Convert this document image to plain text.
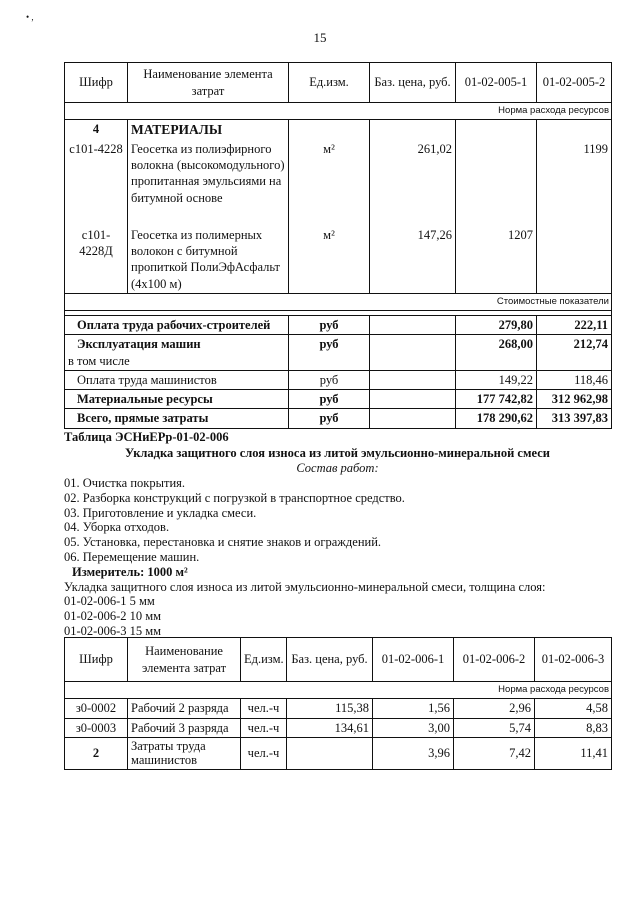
• ,
15
Шифр	Наименование элемента затрат	Ед.изм.	Баз. цена, руб.	01-02-005-1	01-02-005-2
Норма расхода ресурсов					
4	МАТЕРИАЛЫ				
с101-4228	Геосетка из полиэфирного волокна (высокомодульного) пропитанная эмульсиями на битумной основе	м²	261,02		1199
с101-4228Д	Геосетка из полимерных волокон с битумной пропиткой ПолиЭфАсфальт (4x100 м)	м²	147,26	1207	
Стоимостные показатели					

Оплата труда рабочих-строителей		руб		279,80	222,11

Эксплуатация машин
в том числе		руб		268,00	212,74
Оплата труда машинистов		руб		149,22	118,46
Материальные ресурсы		руб		177 742,82	312 962,98
Всего, прямые затраты		руб		178 290,62	313 397,83
Таблица ЭСНиЕРр-01-02-006
Укладка защитного слоя износа из литой эмульсионно-минеральной смеси
Состав работ:
01. Очистка покрытия.
02. Разборка конструкций с погрузкой в транспортное средство.
03. Приготовление и укладка смеси.
04. Уборка отходов.
05. Установка, перестановка и снятие знаков и ограждений.
06. Перемещение машин.
Измеритель: 1000 м²
Укладка защитного слоя износа из литой эмульсионно-минеральной смеси, толщина слоя:
01-02-006-1 5 мм
01-02-006-2 10 мм
01-02-006-3 15 мм
Шифр	Наименование элемента затрат	Ед.изм.	Баз. цена, руб.	01-02-006-1	01-02-006-2	01-02-006-3
Норма расхода ресурсов						
з0-0002	Рабочий 2 разряда	чел.-ч	115,38	1,56	2,96	4,58
з0-0003	Рабочий 3 разряда	чел.-ч	134,61	3,00	5,74	8,83
2	Затраты труда машинистов	чел.-ч		3,96	7,42	11,41
